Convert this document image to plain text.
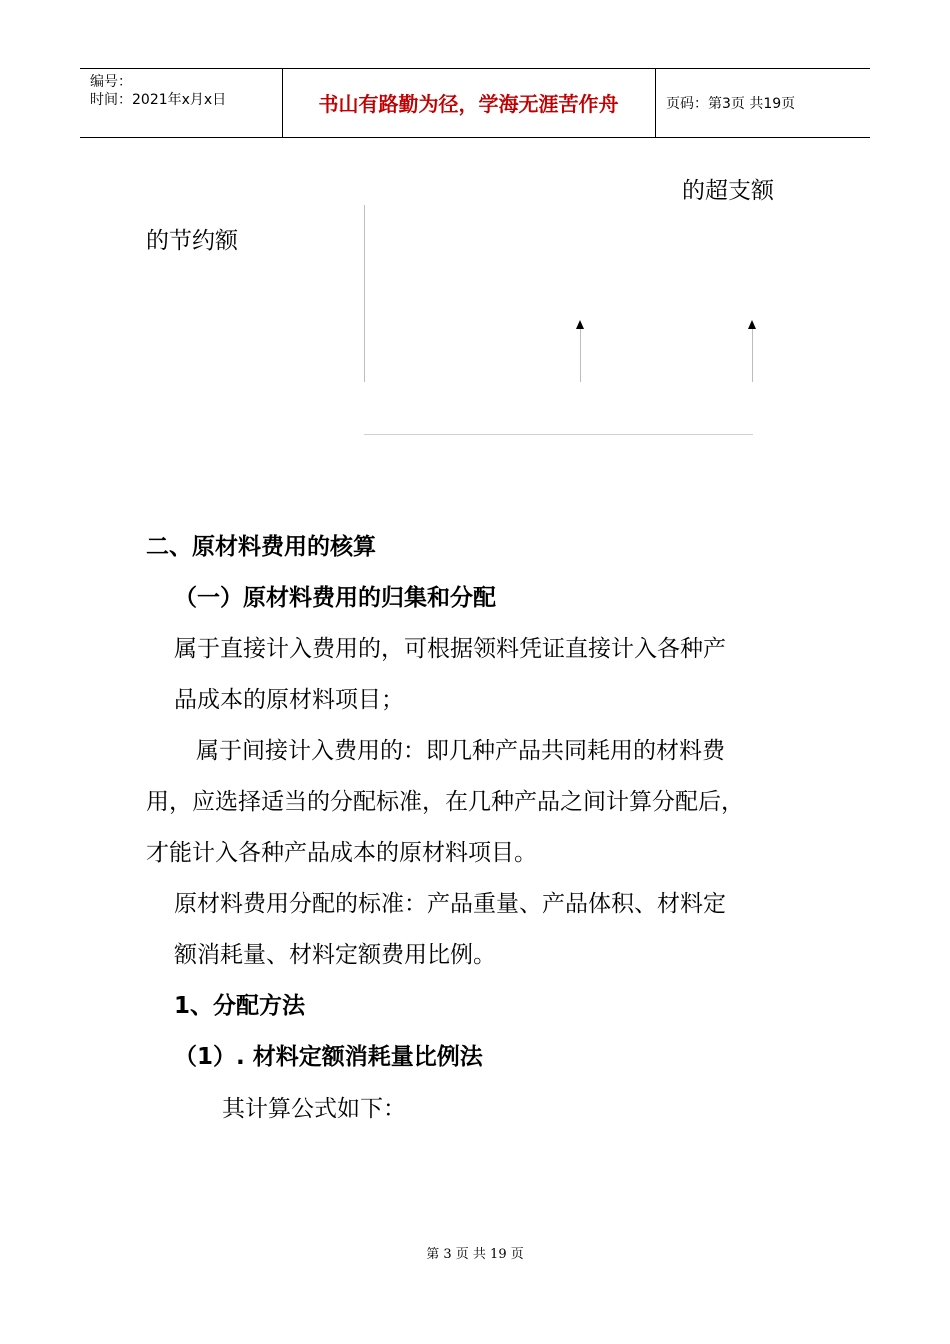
编号：
时间：2021年x月x日	书山有路勤为径，学海无涯苦作舟	页码：第3页 共19页
的超支额
的节约额
二、原材料费用的核算
（一）原材料费用的归集和分配
属于直接计入费用的，可根据领料凭证直接计入各种产
品成本的原材料项目；
属于间接计入费用的：即几种产品共同耗用的材料费
用，应选择适当的分配标准，在几种产品之间计算分配后，
才能计入各种产品成本的原材料项目。
原材料费用分配的标准：产品重量、产品体积、材料定
额消耗量、材料定额费用比例。
1、分配方法
（1）. 材料定额消耗量比例法
其计算公式如下：
第 3 页 共 19 页
